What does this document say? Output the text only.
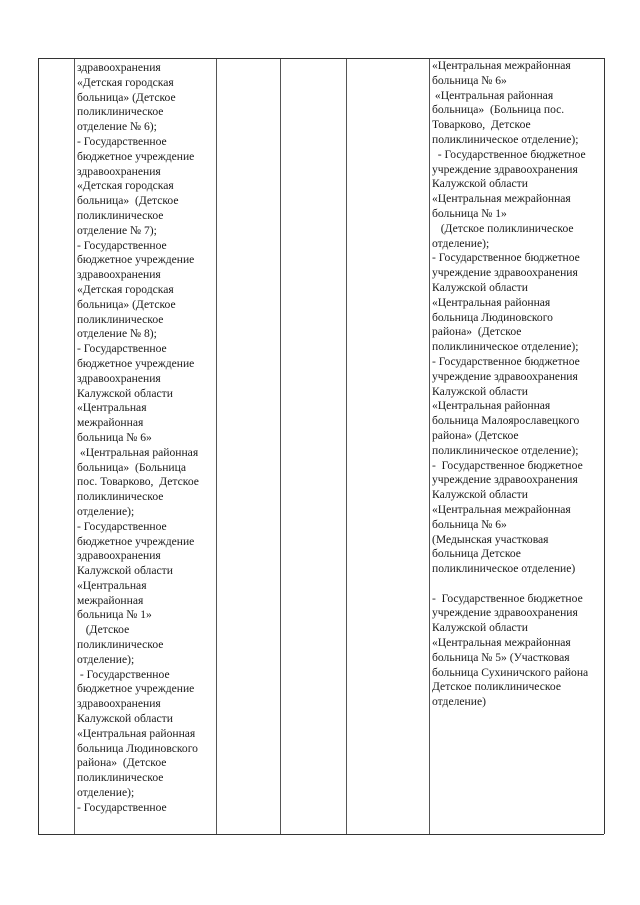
здравоохранения
«Детская городская
больница» (Детское
поликлиническое
отделение № 6);
- Государственное
бюджетное учреждение
здравоохранения
«Детская городская
больница»  (Детское
поликлиническое
отделение № 7);
- Государственное
бюджетное учреждение
здравоохранения
«Детская городская
больница» (Детское
поликлиническое
отделение № 8);
- Государственное
бюджетное учреждение
здравоохранения
Калужской области
«Центральная
межрайонная
больница № 6»
«Центральная районная
больница»  (Больница
пос. Товарково,  Детское
поликлиническое
отделение);
- Государственное
бюджетное учреждение
здравоохранения
Калужской области
«Центральная
межрайонная
больница № 1»
(Детское
поликлиническое
отделение);
- Государственное
бюджетное учреждение
здравоохранения
Калужской области
«Центральная районная
больница Людиновского
района»  (Детское
поликлиническое
отделение);
- Государственное
«Центральная межрайонная
больница № 6»
«Центральная районная
больница»  (Больница пос.
Товарково,  Детское
поликлиническое отделение);
- Государственное бюджетное
учреждение здравоохранения
Калужской области
«Центральная межрайонная
больница № 1»
(Детское поликлиническое
отделение);
- Государственное бюджетное
учреждение здравоохранения
Калужской области
«Центральная районная
больница Людиновского
района»  (Детское
поликлиническое отделение);
- Государственное бюджетное
учреждение здравоохранения
Калужской области
«Центральная районная
больница Малоярославецкого
района» (Детское
поликлиническое отделение);
-  Государственное бюджетное
учреждение здравоохранения
Калужской области
«Центральная межрайонная
больница № 6»
(Медынская участковая
больница Детское
поликлиническое отделение)
-  Государственное бюджетное
учреждение здравоохранения
Калужской области
«Центральная межрайонная
больница № 5» (Участковая
больница Сухиничского района
Детское поликлиническое
отделение)
